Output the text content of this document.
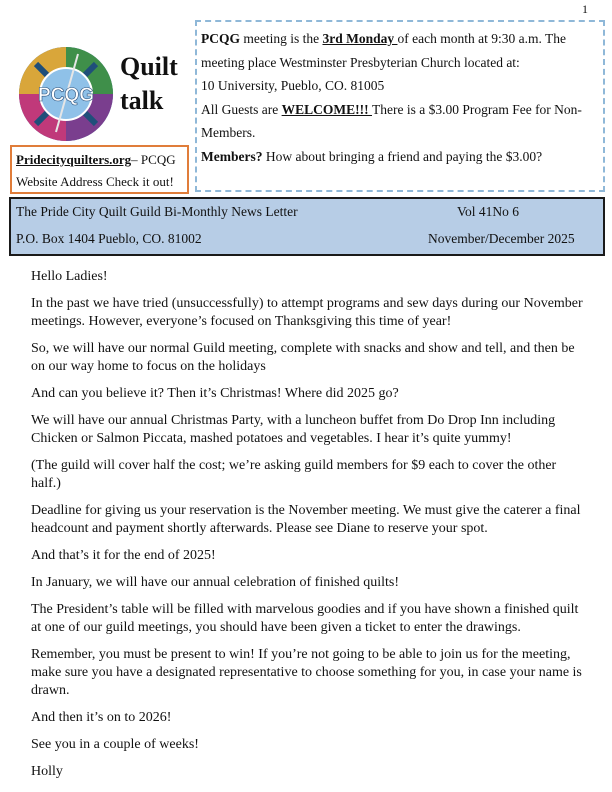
1
PCQG
Quilt
talk

PCQG meeting is the 3rd Monday of each month at 9:30 a.m. The

meeting place Westminster Presbyterian Church located at:

10 University, Pueblo, CO. 81005

All Guests are WELCOME!!! There is a $3.00 Program Fee for Non-

Members.

Members? How about bringing a friend and paying the $3.00?

Pridecityquilters.org– PCQG
Website Address Check it out!
The Pride City Quilt Guild Bi-Monthly News Letter	Vol 41No 6
P.O. Box 1404 Pueblo, CO. 81002	November/December 2025

Hello Ladies!

In the past we have tried (unsuccessfully) to attempt programs and sew days during our November meetings. However, everyone’s focused on Thanksgiving this time of year!

So, we will have our normal Guild meeting, complete with snacks and show and tell, and then be on our way home to focus on the holidays

And can you believe it? Then it’s Christmas! Where did 2025 go?

We will have our annual Christmas Party, with a luncheon buffet from Do Drop Inn including Chicken or Salmon Piccata, mashed potatoes and vegetables. I hear it’s quite yummy!

(The guild will cover half the cost; we’re asking guild members for $9 each to cover the other half.)

Deadline for giving us your reservation is the November meeting. We must give the caterer a final headcount and payment shortly afterwards. Please see Diane to reserve your spot.

And that’s it for the end of 2025!

In January, we will have our annual celebration of finished quilts!

The President’s table will be filled with marvelous goodies and if you have shown a finished quilt at one of our guild meetings, you should have been given a ticket to enter the drawings.

Remember, you must be present to win! If you’re not going to be able to join us for the meeting, make sure you have a designated representative to choose something for you, in case your name is drawn.

And then it’s on to 2026!

See you in a couple of weeks!

Holly
